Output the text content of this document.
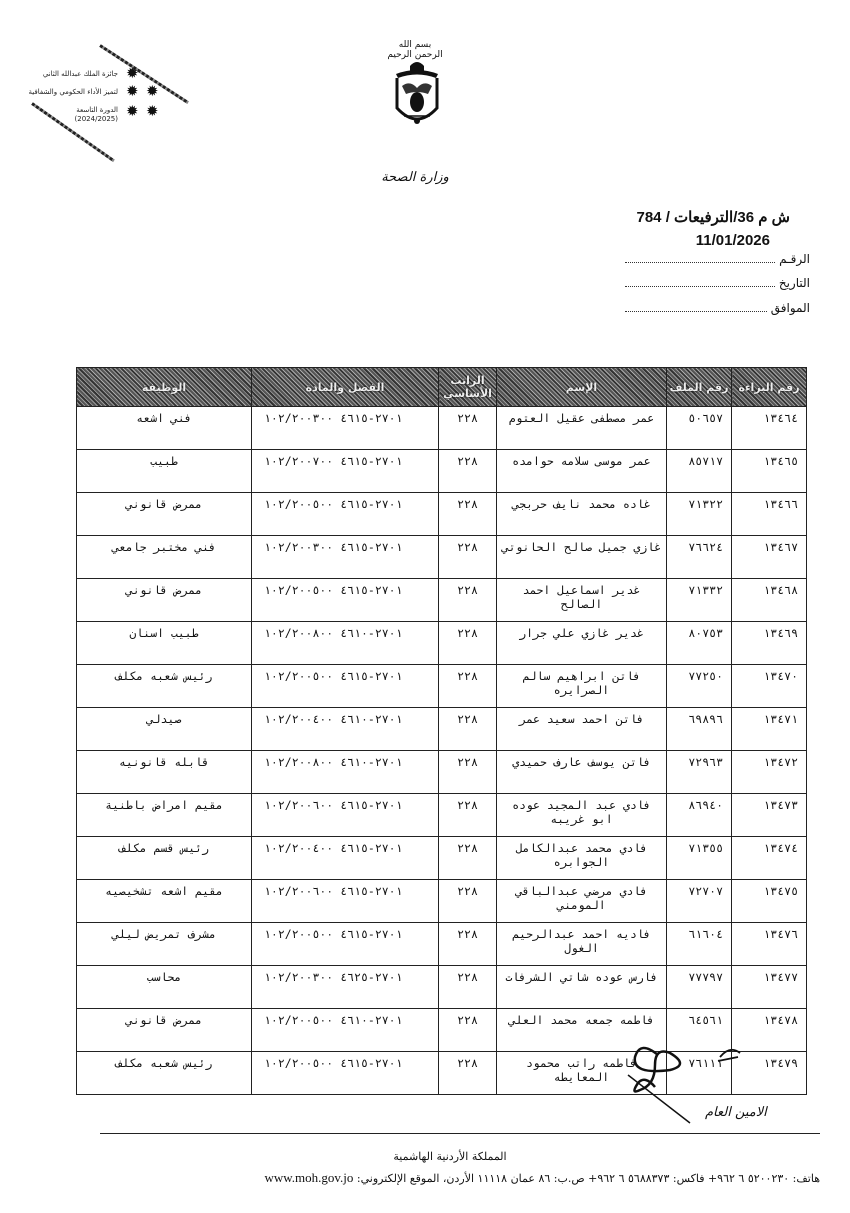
✹
✹
✹
✹
✹
جائزة الملك عبدالله الثاني
لتميز الأداء الحكومي والشفافية
الدورة التاسعة
(2024/2025)
بسم الله الرحمن الرحيم
وزارة الصحة
ش م 36/الترفيعات / 784
11/01/2026
الرقـم
التاريخ
الموافق
رقم البراءة	رقم الملف	الإسم	الراتب الأساسي	الفصل والمادة	الوظيفة
١٣٤٦٤	٥٠٦٥٧	عمر مصطفى عقيل العتوم	٢٢٨	٢٧٠١-٤٦١٥ ١٠٢/٢٠٠٣٠٠	فني اشعه
١٣٤٦٥	٨٥٧١٧	عمر موسى سلامه حوامده	٢٢٨	٢٧٠١-٤٦١٥ ١٠٢/٢٠٠٧٠٠	طبيب
١٣٤٦٦	٧١٣٢٢	غاده محمد نايف حربجي	٢٢٨	٢٧٠١-٤٦١٥ ١٠٢/٢٠٠٥٠٠	ممرض قانوني
١٣٤٦٧	٧٦٦٢٤	غازي جميل صالح الحانوتي	٢٢٨	٢٧٠١-٤٦١٥ ١٠٢/٢٠٠٣٠٠	فني مختبر جامعي
١٣٤٦٨	٧١٣٣٢	غدير اسماعيل احمد الصالح	٢٢٨	٢٧٠١-٤٦١٥ ١٠٢/٢٠٠٥٠٠	ممرض قانوني
١٣٤٦٩	٨٠٧٥٣	غدير غازي علي جرار	٢٢٨	٢٧٠١-٤٦١٠ ١٠٢/٢٠٠٨٠٠	طبيب اسنان
١٣٤٧٠	٧٧٢٥٠	فاتن ابراهيم سالم الصرايره	٢٢٨	٢٧٠١-٤٦١٥ ١٠٢/٢٠٠٥٠٠	رئيس شعبه مكلف
١٣٤٧١	٦٩٨٩٦	فاتن احمد سعيد عمر	٢٢٨	٢٧٠١-٤٦١٠ ١٠٢/٢٠٠٤٠٠	صيدلي
١٣٤٧٢	٧٢٩٦٣	فاتن يوسف عارف حميدي	٢٢٨	٢٧٠١-٤٦١٠ ١٠٢/٢٠٠٨٠٠	قابله قانونيه
١٣٤٧٣	٨٦٩٤٠	فادي عبد المجيد عوده ابو غريبه	٢٢٨	٢٧٠١-٤٦١٥ ١٠٢/٢٠٠٦٠٠	مقيم امراض باطنية
١٣٤٧٤	٧١٣٥٥	فادي محمد عبدالكامل الجوابره	٢٢٨	٢٧٠١-٤٦١٥ ١٠٢/٢٠٠٤٠٠	رئيس قسم مكلف
١٣٤٧٥	٧٢٧٠٧	فادي مرضي عبدالباقي المومني	٢٢٨	٢٧٠١-٤٦١٥ ١٠٢/٢٠٠٦٠٠	مقيم اشعه تشخيصيه
١٣٤٧٦	٦١٦٠٤	فاديه احمد عبدالرحيم الغول	٢٢٨	٢٧٠١-٤٦١٥ ١٠٢/٢٠٠٥٠٠	مشرف تمريض ليلي
١٣٤٧٧	٧٧٧٩٧	فارس عوده شاتي الشرفات	٢٢٨	٢٧٠١-٤٦٢٥ ١٠٢/٢٠٠٣٠٠	محاسب
١٣٤٧٨	٦٤٥٦١	فاطمه جمعه محمد العلي	٢٢٨	٢٧٠١-٤٦١٠ ١٠٢/٢٠٠٥٠٠	ممرض قانوني
١٣٤٧٩	٧٦١١١	فاطمه راتب محمود المعايطه	٢٢٨	٢٧٠١-٤٦١٥ ١٠٢/٢٠٠٥٠٠	رئيس شعبه مكلف
الامين العام

المملكة الأردنية الهاشمية
هاتف: ٥٢٠٠٢٣٠ ٦ ٩٦٢+ فاكس: ٥٦٨٨٣٧٣ ٦ ٩٦٢+ ص.ب: ٨٦ عمان ١١١١٨ الأردن، الموقع الإلكتروني: www.moh.gov.jo
